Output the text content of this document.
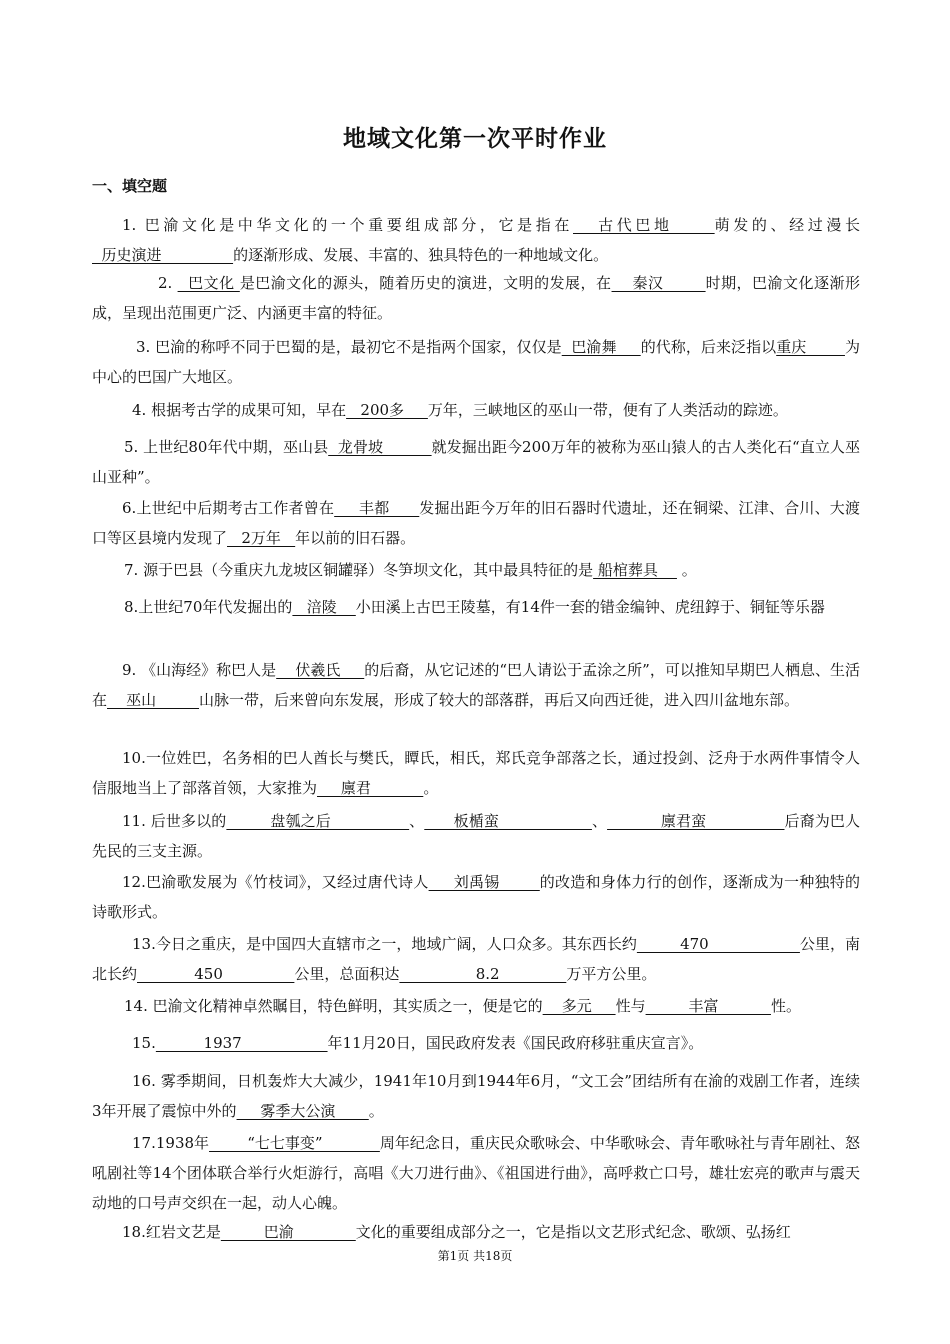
地域文化第一次平时作业
一、填空题
1. 巴渝文化是中华文化的一个重要组成部分，它是指在   古代巴地     萌发的、经过漫长  历史演进               的逐渐形成、发展、丰富的、独具特色的一种地域文化。
2.   巴文化 是巴渝文化的源头，随着历史的演进，文明的发展，在    秦汉        时期，巴渝文化逐渐形成，呈现出范围更广泛、内涵更丰富的特征。
3. 巴渝的称呼不同于巴蜀的是，最初它不是指两个国家，仅仅是  巴渝舞     的代称，后来泛指以重庆        为中心的巴国广大地区。
4. 根据考古学的成果可知，早在   200多     万年，三峡地区的巫山一带，便有了人类活动的踪迹。
5. 上世纪80年代中期，巫山县  龙骨坡          就发掘出距今200万年的被称为巫山猿人的古人类化石“直立人巫山亚种”。
6.上世纪中后期考古工作者曾在     丰都      发掘出距今万年的旧石器时代遗址，还在铜梁、江津、合川、大渡口等区县境内发现了   2万年   年以前的旧石器。
7. 源于巴县（今重庆九龙坡区铜罐驿）冬笋坝文化，其中最具特征的是 船棺葬具     。
8.上世纪70年代发掘出的   涪陵    小田溪上古巴王陵墓，有14件一套的错金编钟、虎纽錞于、铜钲等乐器
9. 《山海经》称巴人是    伏羲氏     的后裔，从它记述的“巴人请讼于孟涂之所”，可以推知早期巴人栖息、生活在    巫山         山脉一带，后来曾向东发展，形成了较大的部落群，再后又向西迁徙，进入四川盆地东部。
10.一位姓巴，名务相的巴人酋长与樊氏，瞫氏，相氏，郑氏竞争部落之长，通过投剑、泛舟于水两件事情令人信服地当上了部落首领，大家推为     廪君           。
11. 后世多以的         盘瓠之后                、      板楯蛮                   、           廪君蛮                后裔为巴人先民的三支主源。
12.巴渝歌发展为《竹枝词》，又经过唐代诗人     刘禹锡        的改造和身体力行的创作，逐渐成为一种独特的诗歌形式。
13.今日之重庆，是中国四大直辖市之一，地域广阔，人口众多。其东西长约         470                   公里，南北长约            450               公里，总面积达                8.2              万平方公里。
14. 巴渝文化精神卓然瞩目，特色鲜明，其实质之一，便是它的    多元     性与         丰富           性。
15.          1937                  年11月20日，国民政府发表《国民政府移驻重庆宣言》。
16. 雾季期间，日机轰炸大大减少，1941年10月到1944年6月，“文工会”团结所有在渝的戏剧工作者，连续3年开展了震惊中外的     雾季大公演       。
17.1938年        “七七事变”            周年纪念日，重庆民众歌咏会、中华歌咏会、青年歌咏社与青年剧社、怒吼剧社等14个团体联合举行火炬游行，高唱《大刀进行曲》、《祖国进行曲》，高呼救亡口号，雄壮宏亮的歌声与震天动地的口号声交织在一起，动人心魄。
18.红岩文艺是         巴渝             文化的重要组成部分之一，它是指以文艺形式纪念、歌颂、弘扬红
第1页 共18页
